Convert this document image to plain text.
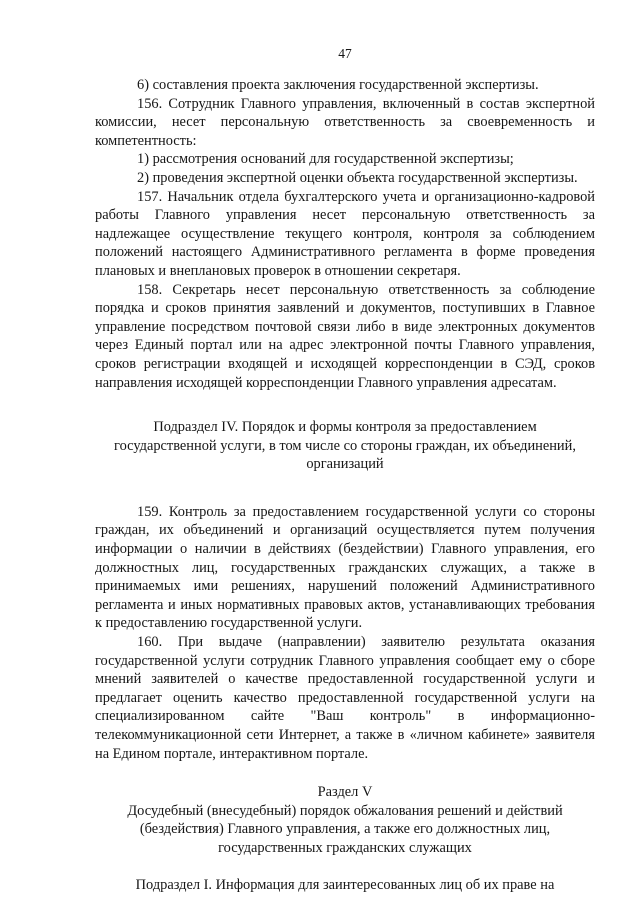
47

6) составления проекта заключения государственной экспертизы.

156. Сотрудник Главного управления, включенный в состав экспертной комиссии, несет персональную ответственность за своевременность и компетентность:

1) рассмотрения оснований для государственной экспертизы;

2) проведения экспертной оценки объекта государственной экспертизы.

157. Начальник отдела бухгалтерского учета и организационно-кадровой работы Главного управления несет персональную ответственность за надлежащее осуществление текущего контроля, контроля за соблюдением положений настоящего Административного регламента в форме проведения плановых и внеплановых проверок в отношении секретаря.

158. Секретарь несет персональную ответственность за соблюдение порядка и сроков принятия заявлений и документов, поступивших в Главное управление посредством почтовой связи либо в виде электронных документов через Единый портал или на адрес электронной почты Главного управления, сроков регистрации входящей и исходящей корреспонденции в СЭД, сроков направления исходящей корреспонденции Главного управления адресатам.

Подраздел IV. Порядок и формы контроля за предоставлением
государственной услуги, в том числе со стороны граждан, их объединений,
организаций

159. Контроль за предоставлением государственной услуги со стороны граждан, их объединений и организаций осуществляется путем получения информации о наличии в действиях (бездействии) Главного управления, его должностных лиц, государственных гражданских служащих, а также в принимаемых ими решениях, нарушений положений Административного регламента и иных нормативных правовых актов, устанавливающих требования к предоставлению государственной услуги.

160. При выдаче (направлении) заявителю результата оказания государственной услуги сотрудник Главного управления сообщает ему о сборе мнений заявителей о качестве предоставленной государственной услуги и предлагает оценить качество предоставленной государственной услуги на специализированном сайте "Ваш контроль" в информационно-телекоммуникационной сети Интернет, а также в «личном кабинете» заявителя на Едином портале, интерактивном портале.

Раздел V
Досудебный (внесудебный) порядок обжалования решений и действий
(бездействия) Главного управления, а также его должностных лиц,
государственных гражданских служащих
Подраздел I. Информация для заинтересованных лиц об их праве на
